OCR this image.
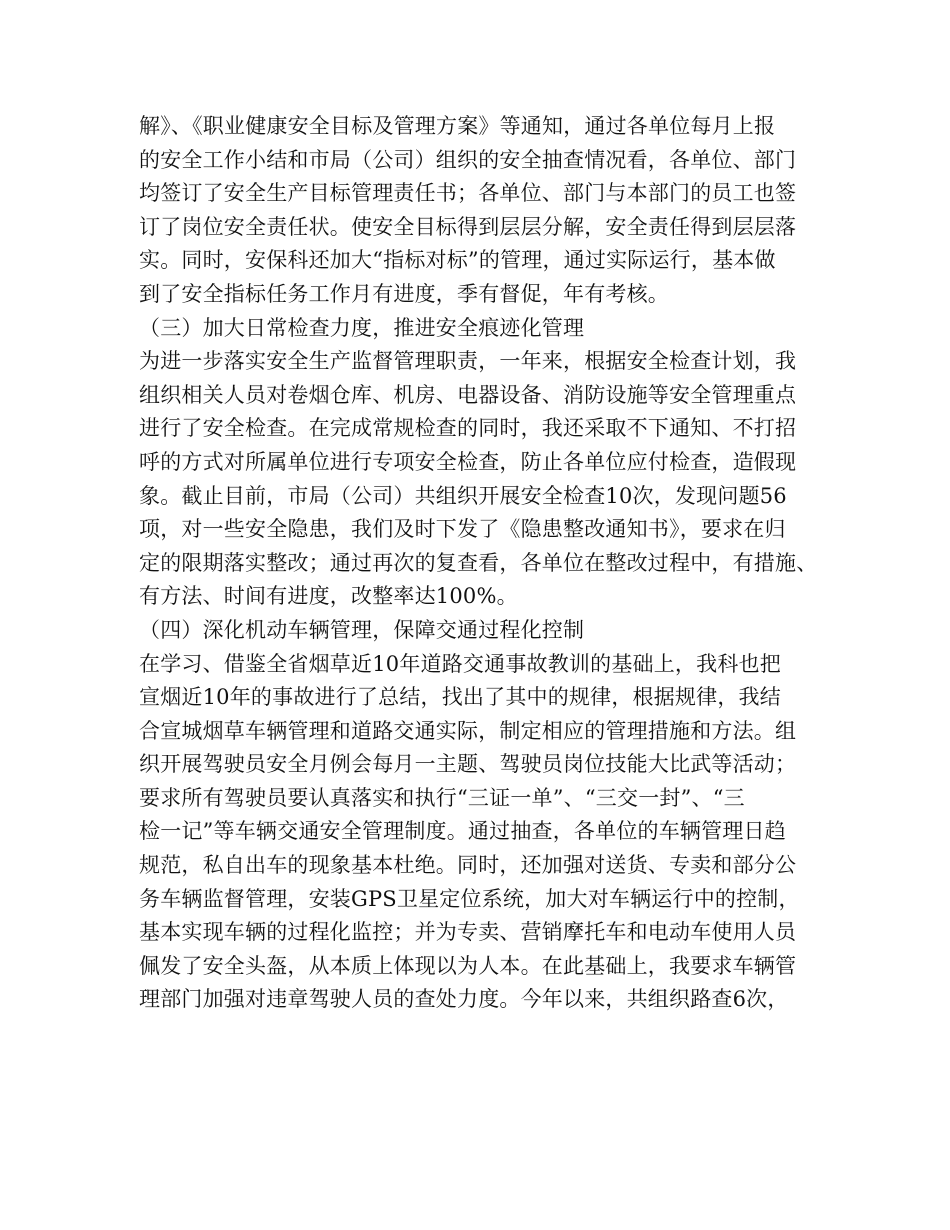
解》、《职业健康安全目标及管理方案》等通知，通过各单位每月上报
的安全工作小结和市局（公司）组织的安全抽查情况看，各单位、部门
均签订了安全生产目标管理责任书；各单位、部门与本部门的员工也签
订了岗位安全责任状。使安全目标得到层层分解，安全责任得到层层落
实。同时，安保科还加大“指标对标”的管理，通过实际运行，基本做
到了安全指标任务工作月有进度，季有督促，年有考核。
（三）加大日常检查力度，推进安全痕迹化管理
为进一步落实安全生产监督管理职责，一年来，根据安全检查计划，我
组织相关人员对卷烟仓库、机房、电器设备、消防设施等安全管理重点
进行了安全检查。在完成常规检查的同时，我还采取不下通知、不打招
呼的方式对所属单位进行专项安全检查，防止各单位应付检查，造假现
象。截止目前，市局（公司）共组织开展安全检查10次，发现问题56
项，对一些安全隐患，我们及时下发了《隐患整改通知书》，要求在归
定的限期落实整改；通过再次的复查看，各单位在整改过程中，有措施、
有方法、时间有进度，改整率达100%。
（四）深化机动车辆管理，保障交通过程化控制
在学习、借鉴全省烟草近10年道路交通事故教训的基础上，我科也把
宣烟近10年的事故进行了总结，找出了其中的规律，根据规律，我结
合宣城烟草车辆管理和道路交通实际，制定相应的管理措施和方法。组
织开展驾驶员安全月例会每月一主题、驾驶员岗位技能大比武等活动；
要求所有驾驶员要认真落实和执行“三证一单”、“三交一封”、“三
检一记”等车辆交通安全管理制度。通过抽查，各单位的车辆管理日趋
规范，私自出车的现象基本杜绝。同时，还加强对送货、专卖和部分公
务车辆监督管理，安装GPS卫星定位系统，加大对车辆运行中的控制，
基本实现车辆的过程化监控；并为专卖、营销摩托车和电动车使用人员
佩发了安全头盔，从本质上体现以为人本。在此基础上，我要求车辆管
理部门加强对违章驾驶人员的查处力度。今年以来，共组织路查6次，
